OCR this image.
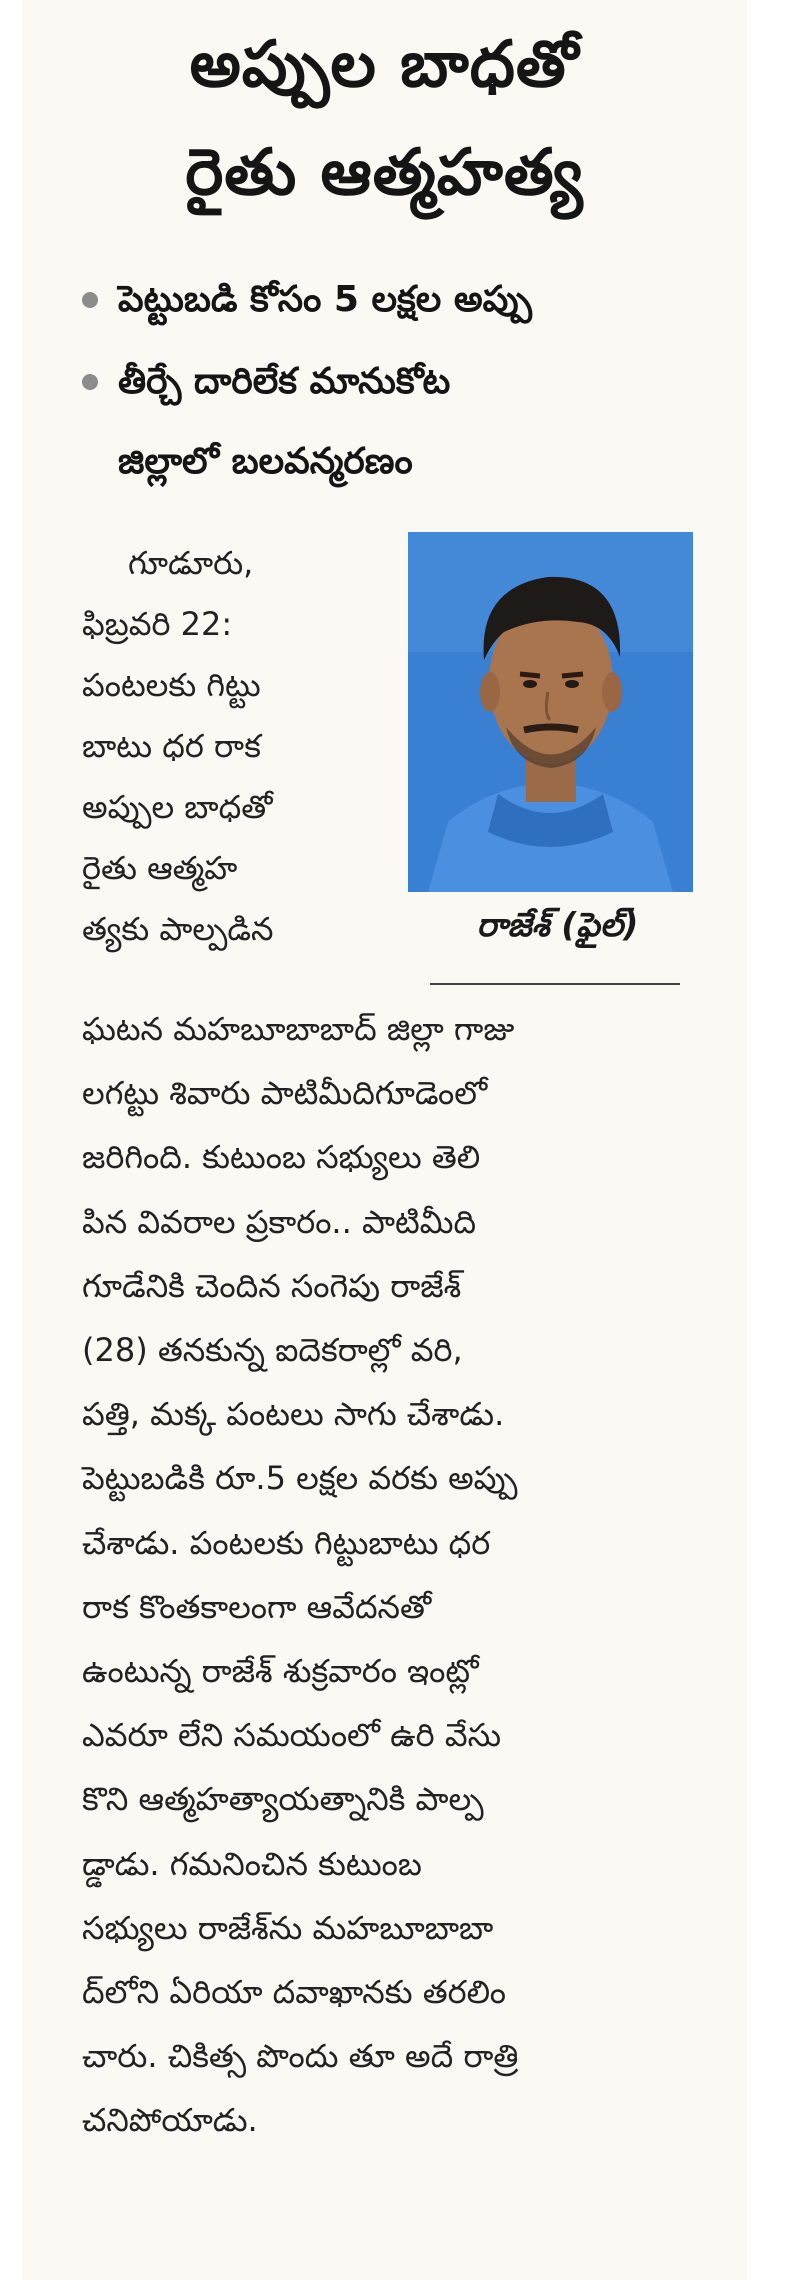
అప్పుల బాధతో
రైతు ఆత్మహత్య
పెట్టుబడి కోసం 5 లక్షల అప్పు
తీర్చే దారిలేక మానుకోట
జిల్లాలో బలవన్మరణం
రాజేశ్ (ఫైల్)
గూడూరు,
ఫిబ్రవరి 22:
పంటలకు గిట్టు
బాటు ధర రాక
అప్పుల బాధతో
రైతు ఆత్మహ
త్యకు పాల్పడిన
ఘటన మహబూబాబాద్ జిల్లా గాజు
లగట్టు శివారు పాటిమీదిగూడెంలో
జరిగింది. కుటుంబ సభ్యులు తెలి
పిన వివరాల ప్రకారం.. పాటిమీది
గూడేనికి చెందిన సంగెపు రాజేశ్
(28) తనకున్న ఐదెకరాల్లో వరి,
పత్తి, మక్క పంటలు సాగు చేశాడు.
పెట్టుబడికి రూ.5 లక్షల వరకు అప్పు
చేశాడు. పంటలకు గిట్టుబాటు ధర
రాక కొంతకాలంగా ఆవేదనతో
ఉంటున్న రాజేశ్ శుక్రవారం ఇంట్లో
ఎవరూ లేని సమయంలో ఉరి వేసు
కొని ఆత్మహత్యాయత్నానికి పాల్ప
డ్డాడు. గమనించిన కుటుంబ
సభ్యులు రాజేశ్‌ను మహబూబాబా
ద్‌లోని ఏరియా దవాఖానకు తరలిం
చారు. చికిత్స పొందు తూ అదే రాత్రి
చనిపోయాడు.
